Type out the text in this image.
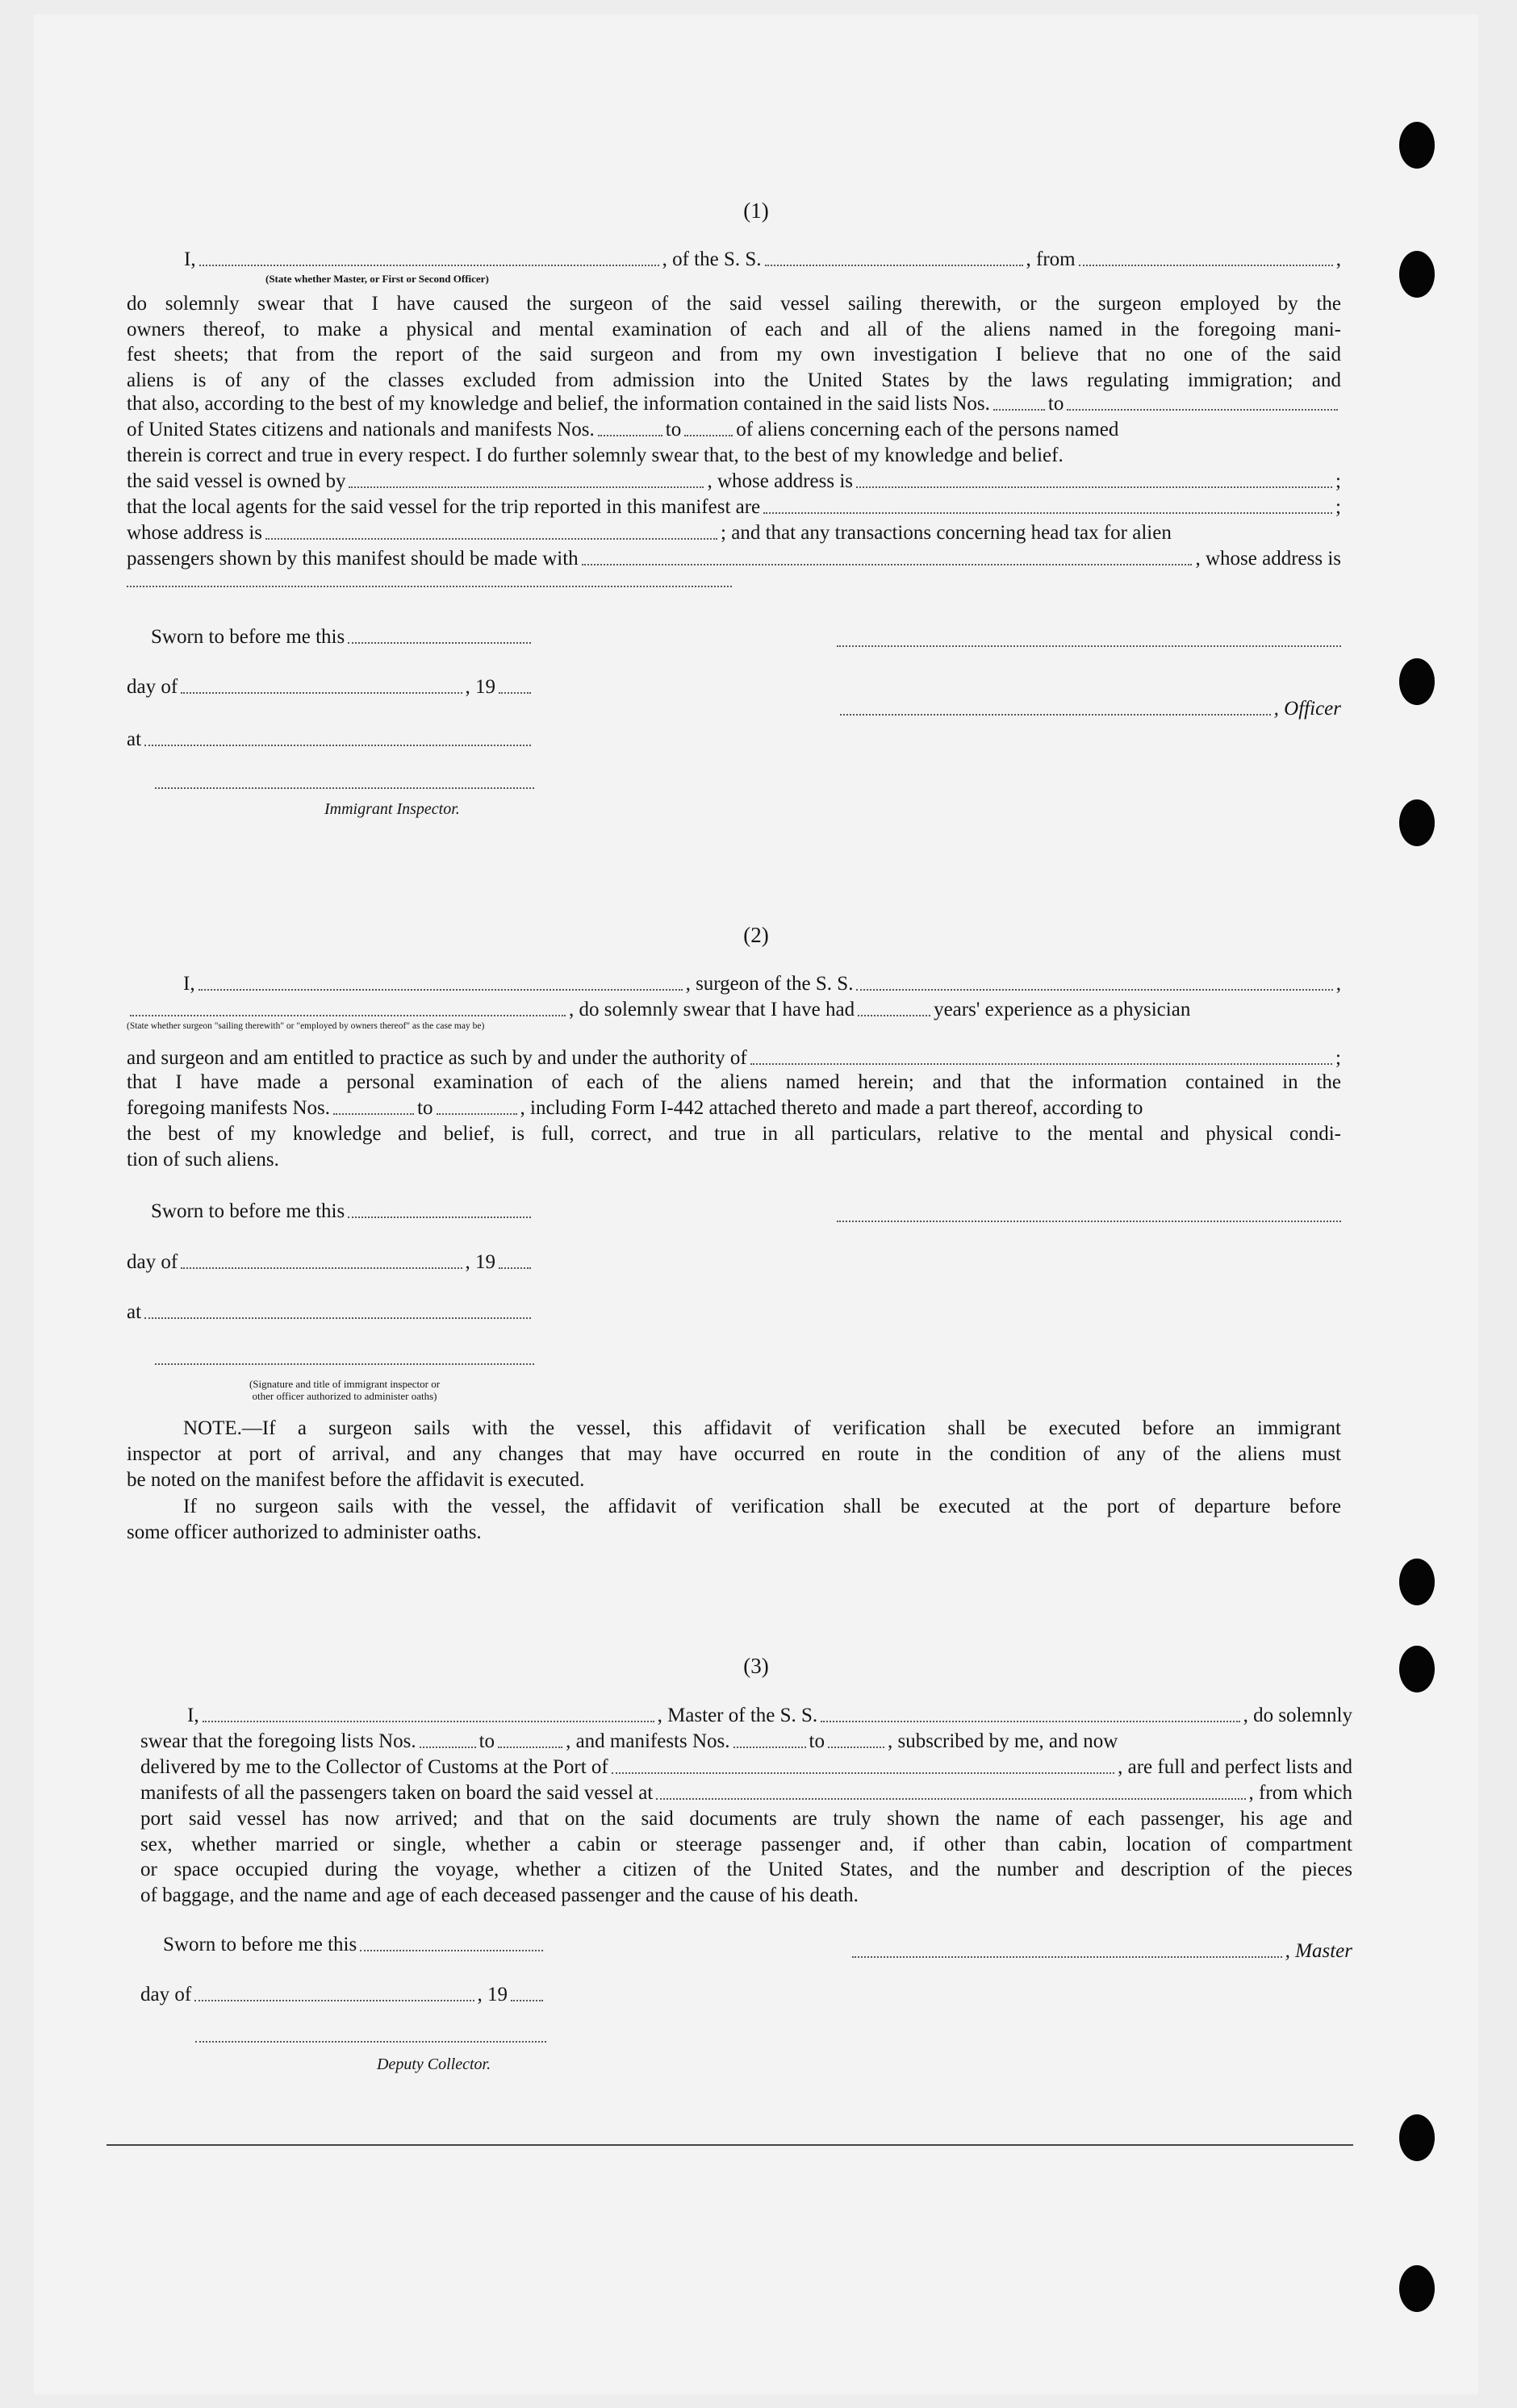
(1)
I,	, of the S. S.	, from	,
(State whether Master, or First or Second Officer)

do solemnly swear that I have caused the surgeon of the said vessel sailing therewith, or the surgeon employed by the

owners thereof, to make a physical and mental examination of each and all of the aliens named in the foregoing mani-

fest sheets; that from the report of the said surgeon and from my own investigation I believe that no one of the said

aliens is of any of the classes excluded from admission into the United States by the laws regulating immigration; and

that also, according to the best of my knowledge and belief, the information contained in the said lists Nos.	to
of United States citizens and nationals and manifests Nos.	to	of aliens concerning each of the persons named
therein is correct and true in every respect. I do further solemnly swear that, to the best of my knowledge and belief.
the said vessel is owned by	, whose address is	;
that the local agents for the said vessel for the trip reported in this manifest are	;
whose address is	; and that any transactions concerning head tax for alien
passengers shown by this manifest should be made with	, whose address is
Sworn to before me this
day of	, 19
, Officer
at
Immigrant Inspector.
(2)
I,	, surgeon of the S. S.	,
, do solemnly swear that I have had	years' experience as a physician
(State whether surgeon "sailing therewith" or "employed by owners thereof" as the case may be)
and surgeon and am entitled to practice as such by and under the authority of	;

that I have made a personal examination of each of the aliens named herein; and that the information contained in the

foregoing manifests Nos.	to	, including Form I-442 attached thereto and made a part thereof, according to

the best of my knowledge and belief, is full, correct, and true in all particulars, relative to the mental and physical condi-

tion of such aliens.
Sworn to before me this
day of	, 19
at
(Signature and title of immigrant inspector or
other officer authorized to administer oaths)

NOTE.—If a surgeon sails with the vessel, this affidavit of verification shall be executed before an immigrant

inspector at port of arrival, and any changes that may have occurred en route in the condition of any of the aliens must

be noted on the manifest before the affidavit is executed.

If no surgeon sails with the vessel, the affidavit of verification shall be executed at the port of departure before

some officer authorized to administer oaths.

(3)
I,	, Master of the S. S.	, do solemnly
swear that the foregoing lists Nos.	to	, and manifests Nos.	to	, subscribed by me, and now
delivered by me to the Collector of Customs at the Port of	, are full and perfect lists and
manifests of all the passengers taken on board the said vessel at	, from which

port said vessel has now arrived; and that on the said documents are truly shown the name of each passenger, his age and

sex, whether married or single, whether a cabin or steerage passenger and, if other than cabin, location of compartment

or space occupied during the voyage, whether a citizen of the United States, and the number and description of the pieces

of baggage, and the name and age of each deceased passenger and the cause of his death.

Sworn to before me this	, Master
day of	, 19
Deputy Collector.
